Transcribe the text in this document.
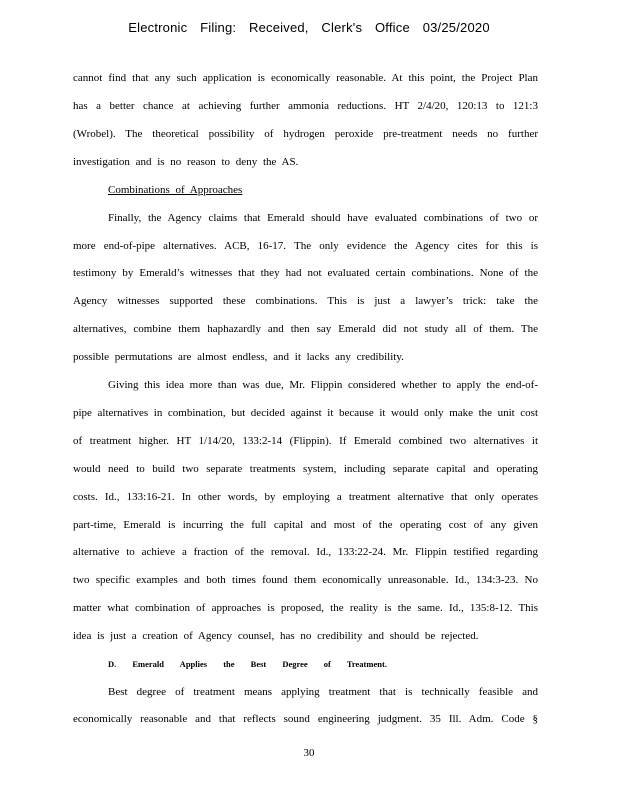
Electronic Filing: Received, Clerk's Office 03/25/2020
cannot find that any such application is economically reasonable. At this point, the Project Plan
has a better chance at achieving further ammonia reductions. HT 2/4/20, 120:13 to 121:3
(Wrobel). The theoretical possibility of hydrogen peroxide pre-treatment needs no further
investigation and is no reason to deny the AS.
Combinations of Approaches
Finally, the Agency claims that Emerald should have evaluated combinations of two or
more end-of-pipe alternatives. ACB, 16-17. The only evidence the Agency cites for this is
testimony by Emerald’s witnesses that they had not evaluated certain combinations. None of the
Agency witnesses supported these combinations. This is just a lawyer’s trick: take the
alternatives, combine them haphazardly and then say Emerald did not study all of them. The
possible permutations are almost endless, and it lacks any credibility.
Giving this idea more than was due, Mr. Flippin considered whether to apply the end-of-
pipe alternatives in combination, but decided against it because it would only make the unit cost
of treatment higher. HT 1/14/20, 133:2-14 (Flippin). If Emerald combined two alternatives it
would need to build two separate treatments system, including separate capital and operating
costs. Id., 133:16-21. In other words, by employing a treatment alternative that only operates
part-time, Emerald is incurring the full capital and most of the operating cost of any given
alternative to achieve a fraction of the removal. Id., 133:22-24. Mr. Flippin testified regarding
two specific examples and both times found them economically unreasonable. Id., 134:3-23. No
matter what combination of approaches is proposed, the reality is the same. Id., 135:8-12. This
idea is just a creation of Agency counsel, has no credibility and should be rejected.
D. Emerald Applies the Best Degree of Treatment.
Best degree of treatment means applying treatment that is technically feasible and
economically reasonable and that reflects sound engineering judgment. 35 Ill. Adm. Code §
30
